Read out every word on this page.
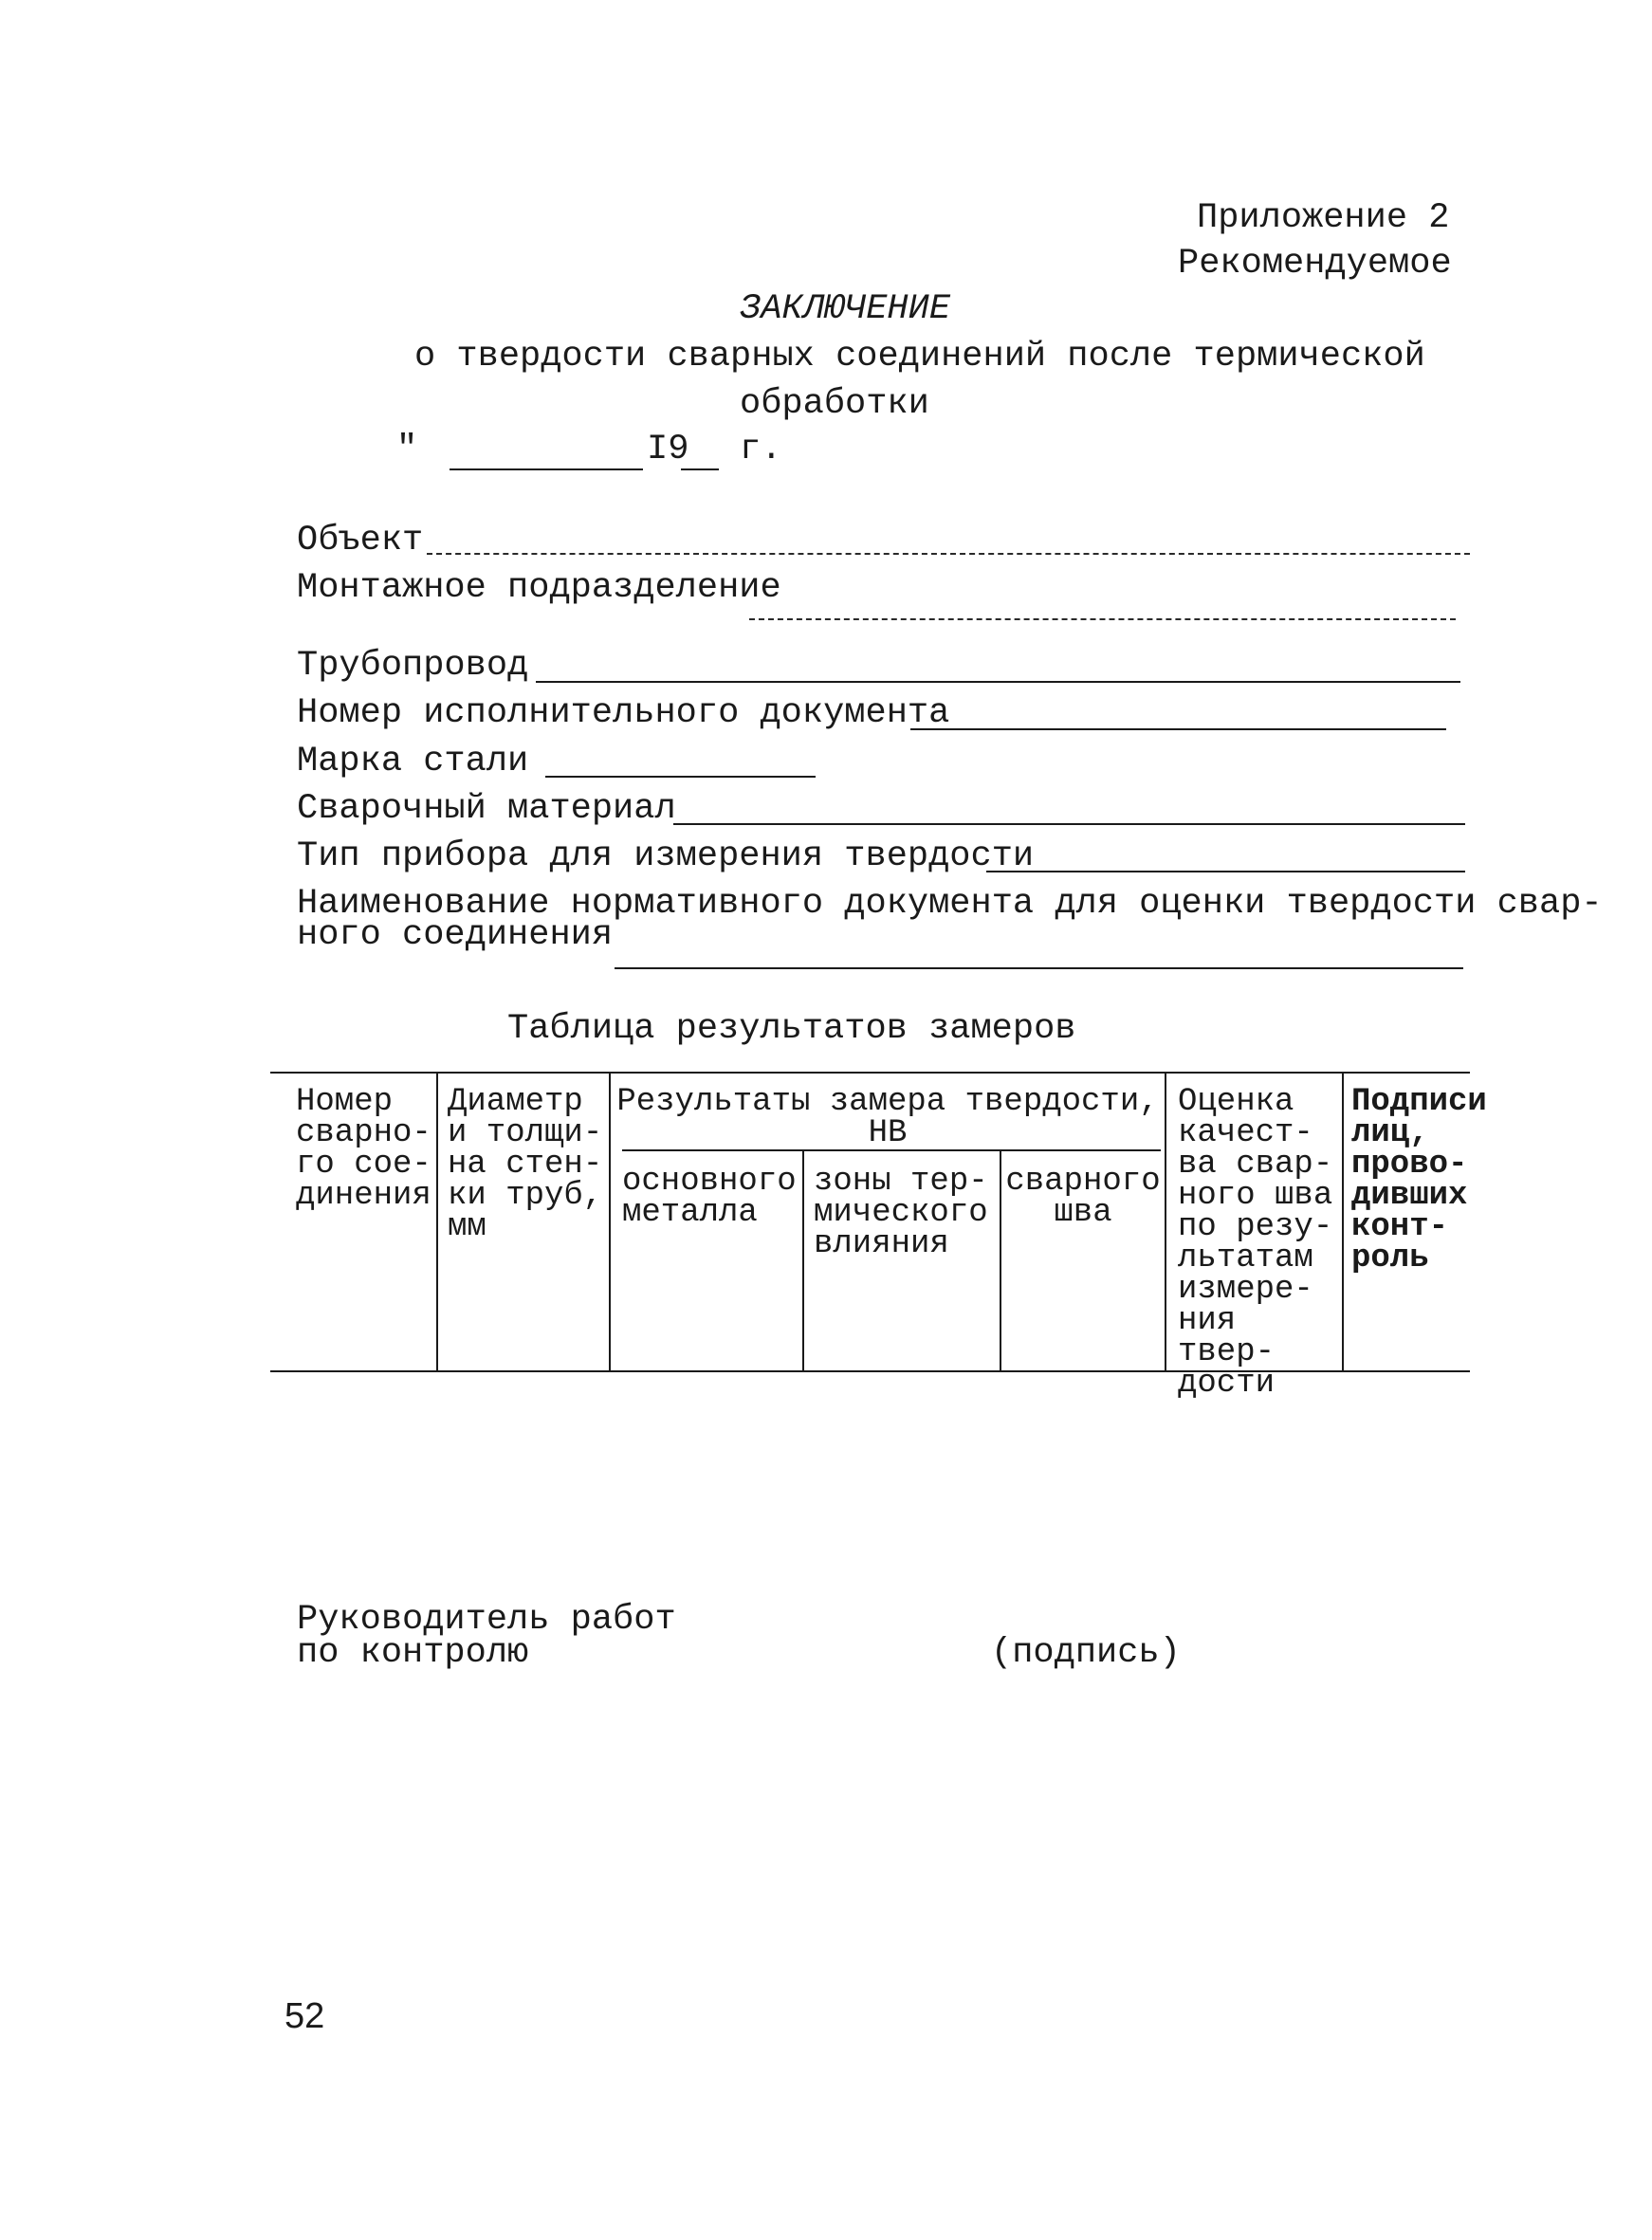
Приложение 2
Рекомендуемое
ЗАКЛЮЧЕНИЕ
о твердости сварных соединений после термической
обработки
"	I9 г.
Объект
Монтажное подразделение
Трубопровод
Номер исполнительного документа
Марка стали
Сварочный материал
Тип прибора для измерения твердости
Наименование нормативного документа для оценки твердости свар-
ного соединения
Таблица результатов замеров
Номер
сварно-
го сое-
динения
Диаметр
и толщи-
на стен-
ки труб,
мм
Результаты замера твердости,
НВ
основного
металла
зоны тер-
мического
влияния
сварного
шва
Оценка
качест-
ва свар-
ного шва
по резу-
льтатам
измере-
ния твер-
дости
Подписи
лиц,
прово-
дивших
конт-
роль
Руководитель работ
по контролю	(подпись)
52
